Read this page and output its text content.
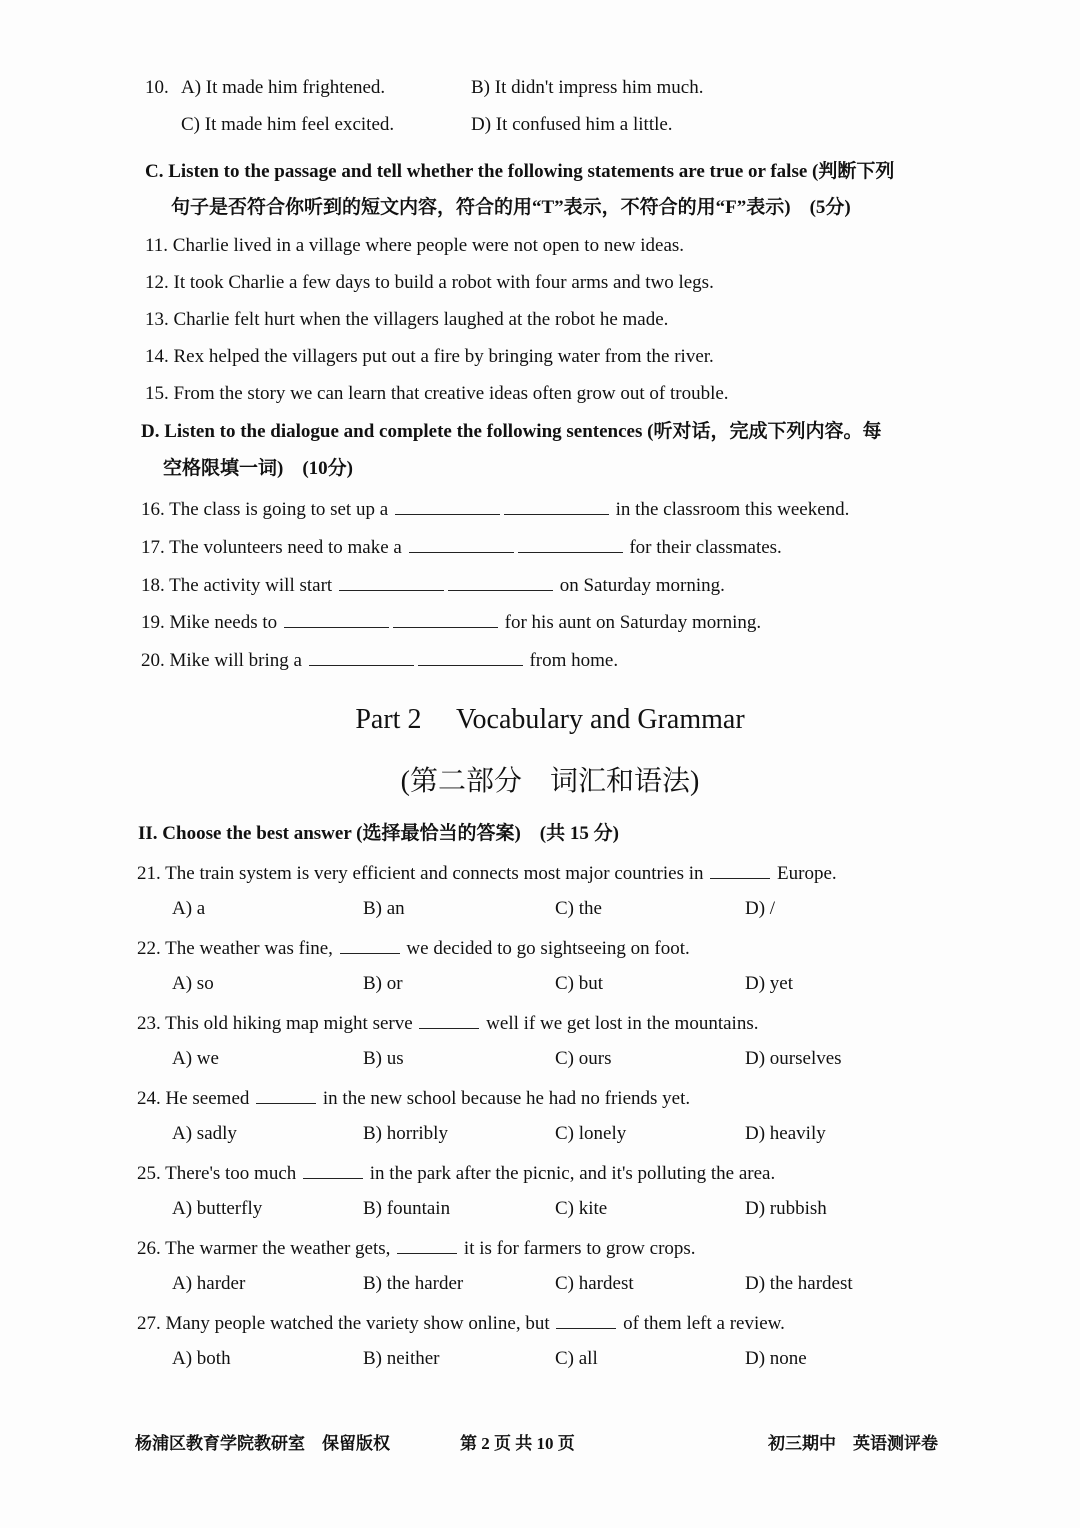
10. A) It made him frightened.	B) It didn't impress him much.
C) It made him feel excited.	D) It confused him a little.
C. Listen to the passage and tell whether the following statements are true or false (判断下列
句子是否符合你听到的短文内容，符合的用“T”表示，不符合的用“F”表示)　(5分)
11. Charlie lived in a village where people were not open to new ideas.
12. It took Charlie a few days to build a robot with four arms and two legs.
13. Charlie felt hurt when the villagers laughed at the robot he made.
14. Rex helped the villagers put out a fire by bringing water from the river.
15. From the story we can learn that creative ideas often grow out of trouble.
D. Listen to the dialogue and complete the following sentences (听对话，完成下列内容。每
空格限填一词)　(10分)
16. The class is going to set up a	in the classroom this weekend.
17. The volunteers need to make a	for their classmates.
18. The activity will start	on Saturday morning.
19. Mike needs to	for his aunt on Saturday morning.
20. Mike will bring a	from home.
Part 2　 Vocabulary and Grammar
(第二部分　词汇和语法)
II. Choose the best answer (选择最恰当的答案)　(共 15 分)
21. The train system is very efficient and connects most major countries in	Europe.
A) a	B) an	C) the	D) /
22. The weather was fine,	we decided to go sightseeing on foot.
A) so	B) or	C) but	D) yet
23. This old hiking map might serve	well if we get lost in the mountains.
A) we	B) us	C) ours	D) ourselves
24. He seemed	in the new school because he had no friends yet.
A) sadly	B) horribly	C) lonely	D) heavily
25. There's too much	in the park after the picnic, and it's polluting the area.
A) butterfly	B) fountain	C) kite	D) rubbish
26. The warmer the weather gets,	it is for farmers to grow crops.
A) harder	B) the harder	C) hardest	D) the hardest
27. Many people watched the variety show online, but	of them left a review.
A) both	B) neither	C) all	D) none
杨浦区教育学院教研室　保留版权	第 2 页 共 10 页	初三期中　英语测评卷
